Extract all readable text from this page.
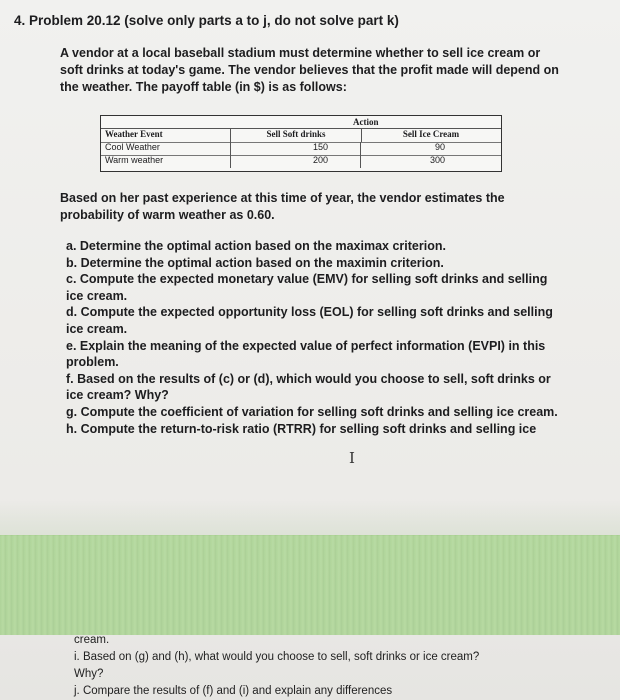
4. Problem 20.12 (solve only parts a to j, do not solve part k)
A vendor at a local baseball stadium must determine whether to sell ice cream or soft drinks at today's game. The vendor believes that the profit made will depend on the weather. The payoff table (in $) is as follows:
Action
Weather Event	Sell Soft drinks	Sell Ice Cream
Cool Weather	150	90
Warm weather	200	300
Based on her past experience at this time of year, the vendor estimates the probability of warm weather as 0.60.
a. Determine the optimal action based on the maximax criterion.
b. Determine the optimal action based on the maximin criterion.
c. Compute the expected monetary value (EMV) for selling soft drinks and selling ice cream.
d. Compute the expected opportunity loss (EOL) for selling soft drinks and selling ice cream.
e. Explain the meaning of the expected value of perfect information (EVPI) in this problem.
f. Based on the results of (c) or (d), which would you choose to sell, soft drinks or ice cream? Why?
g. Compute the coefficient of variation for selling soft drinks and selling ice cream.
h. Compute the return-to-risk ratio (RTRR) for selling soft drinks and selling ice
I
cream.
i. Based on (g) and (h), what would you choose to sell, soft drinks or ice cream?
Why?
j. Compare the results of (f) and (i) and explain any differences
